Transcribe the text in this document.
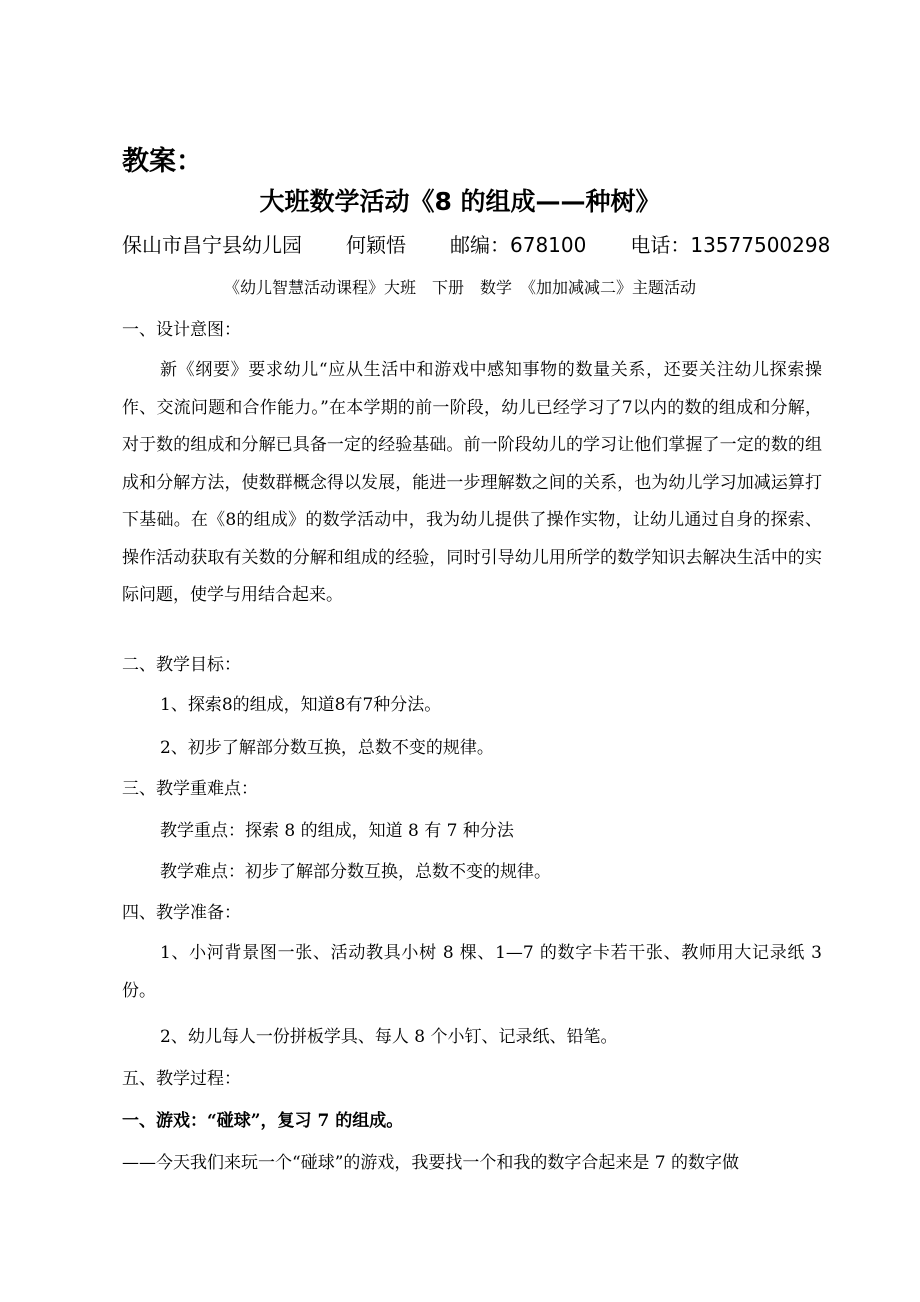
教案：
大班数学活动《8 的组成——种树》
保山市昌宁县幼儿园 何颖悟 邮编：678100 电话：13577500298
《幼儿智慧活动课程》大班　下册　数学　《加加减减二》主题活动
一、设计意图：

新《纲要》要求幼儿“应从生活中和游戏中感知事物的数量关系，还要关注幼儿探索操作、交流问题和合作能力。”在本学期的前一阶段，幼儿已经学习了7以内的数的组成和分解，对于数的组成和分解已具备一定的经验基础。前一阶段幼儿的学习让他们掌握了一定的数的组成和分解方法，使数群概念得以发展，能进一步理解数之间的关系，也为幼儿学习加减运算打下基础。在《8的组成》的数学活动中，我为幼儿提供了操作实物，让幼儿通过自身的探索、操作活动获取有关数的分解和组成的经验，同时引导幼儿用所学的数学知识去解决生活中的实际问题，使学与用结合起来。

二、教学目标：
1、探索8的组成，知道8有7种分法。
2、初步了解部分数互换，总数不变的规律。
三、教学重难点：
教学重点：探索 8 的组成，知道 8 有 7 种分法
教学难点：初步了解部分数互换，总数不变的规律。
四、教学准备：

1、小河背景图一张、活动教具小树 8 棵、1—7 的数字卡若干张、教师用大记录纸 3 份。

2、幼儿每人一份拼板学具、每人 8 个小钉、记录纸、铅笔。
五、教学过程：
一、游戏：“碰球”，复习 7 的组成。
——今天我们来玩一个“碰球”的游戏，我要找一个和我的数字合起来是 7 的数字做
